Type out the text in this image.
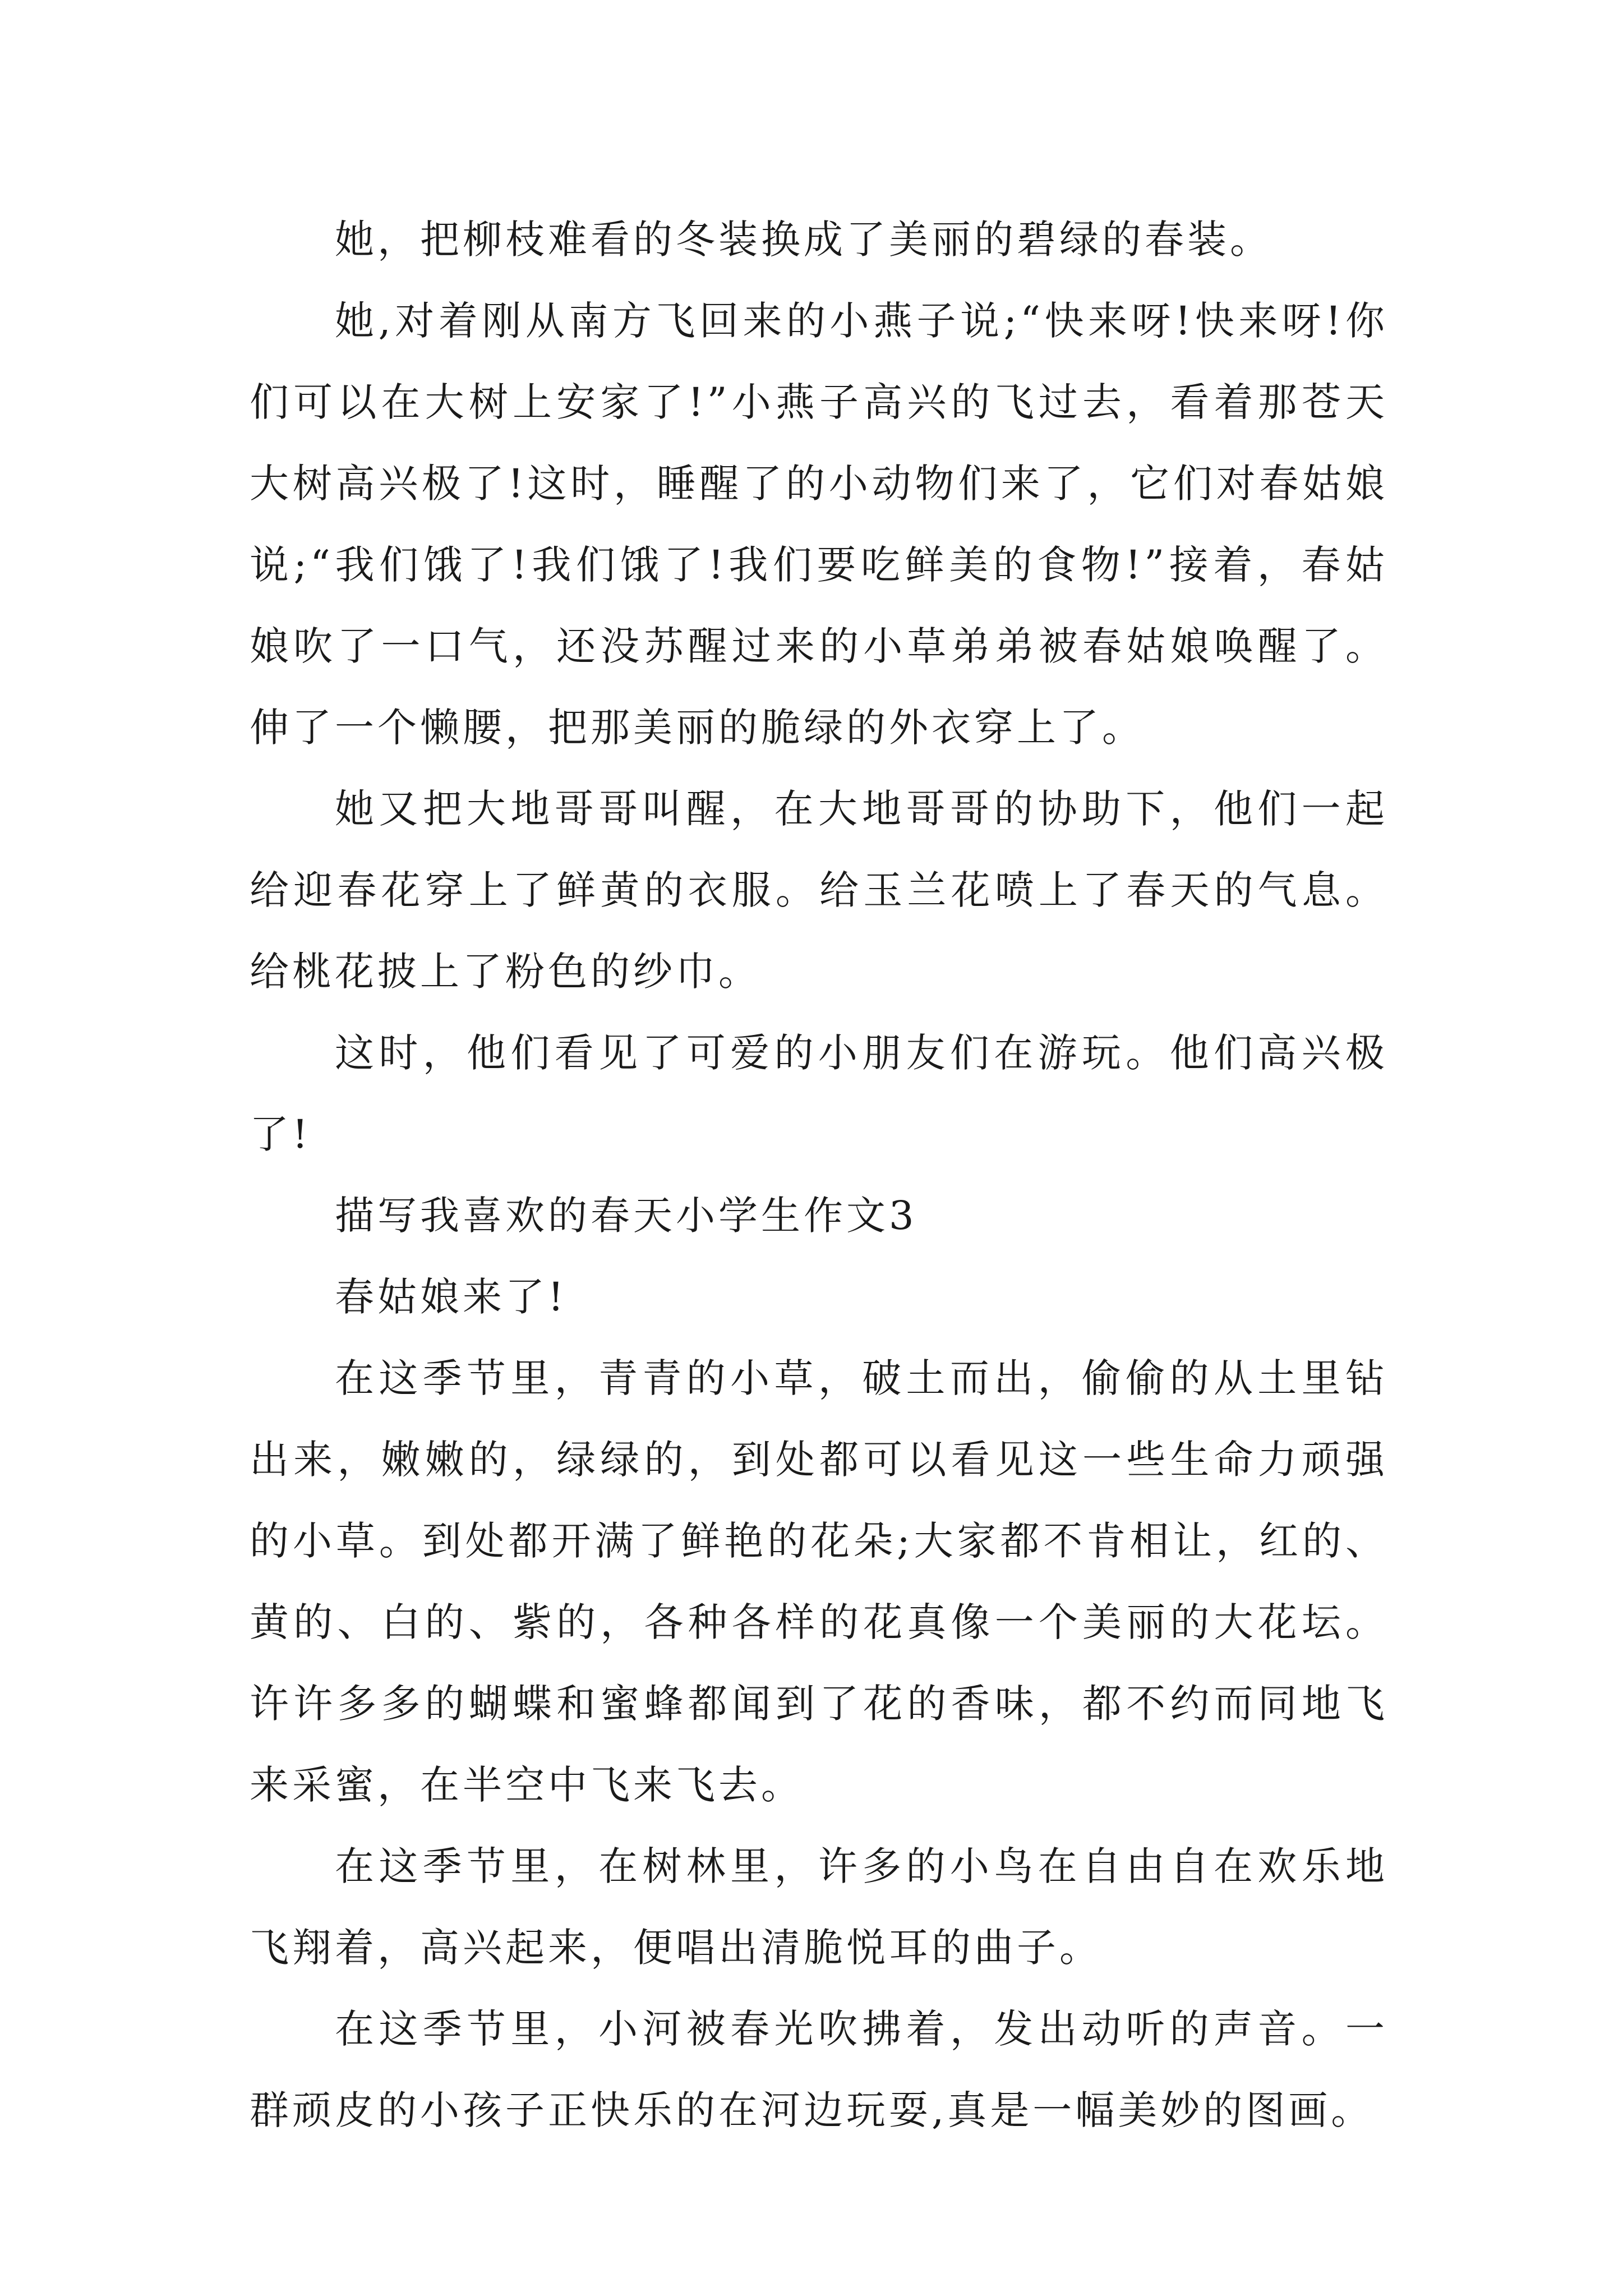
她，把柳枝难看的冬装换成了美丽的碧绿的春装。

她,对着刚从南方飞回来的小燕子说;“快来呀!快来呀!你们可以在大树上安家了!”小燕子高兴的飞过去，看着那苍天大树高兴极了!这时，睡醒了的小动物们来了，它们对春姑娘说;“我们饿了!我们饿了!我们要吃鲜美的食物!”接着，春姑娘吹了一口气，还没苏醒过来的小草弟弟被春姑娘唤醒了。伸了一个懒腰，把那美丽的脆绿的外衣穿上了。

她又把大地哥哥叫醒，在大地哥哥的协助下，他们一起给迎春花穿上了鲜黄的衣服。给玉兰花喷上了春天的气息。给桃花披上了粉色的纱巾。

这时，他们看见了可爱的小朋友们在游玩。他们高兴极了!

描写我喜欢的春天小学生作文3

春姑娘来了!

在这季节里，青青的小草，破土而出，偷偷的从土里钻出来，嫩嫩的，绿绿的，到处都可以看见这一些生命力顽强的小草。到处都开满了鲜艳的花朵;大家都不肯相让，红的、黄的、白的、紫的，各种各样的花真像一个美丽的大花坛。许许多多的蝴蝶和蜜蜂都闻到了花的香味，都不约而同地飞来采蜜，在半空中飞来飞去。

在这季节里，在树林里，许多的小鸟在自由自在欢乐地飞翔着，高兴起来，便唱出清脆悦耳的曲子。

在这季节里，小河被春光吹拂着，发出动听的声音。一群顽皮的小孩子正快乐的在河边玩耍,真是一幅美妙的图画。
